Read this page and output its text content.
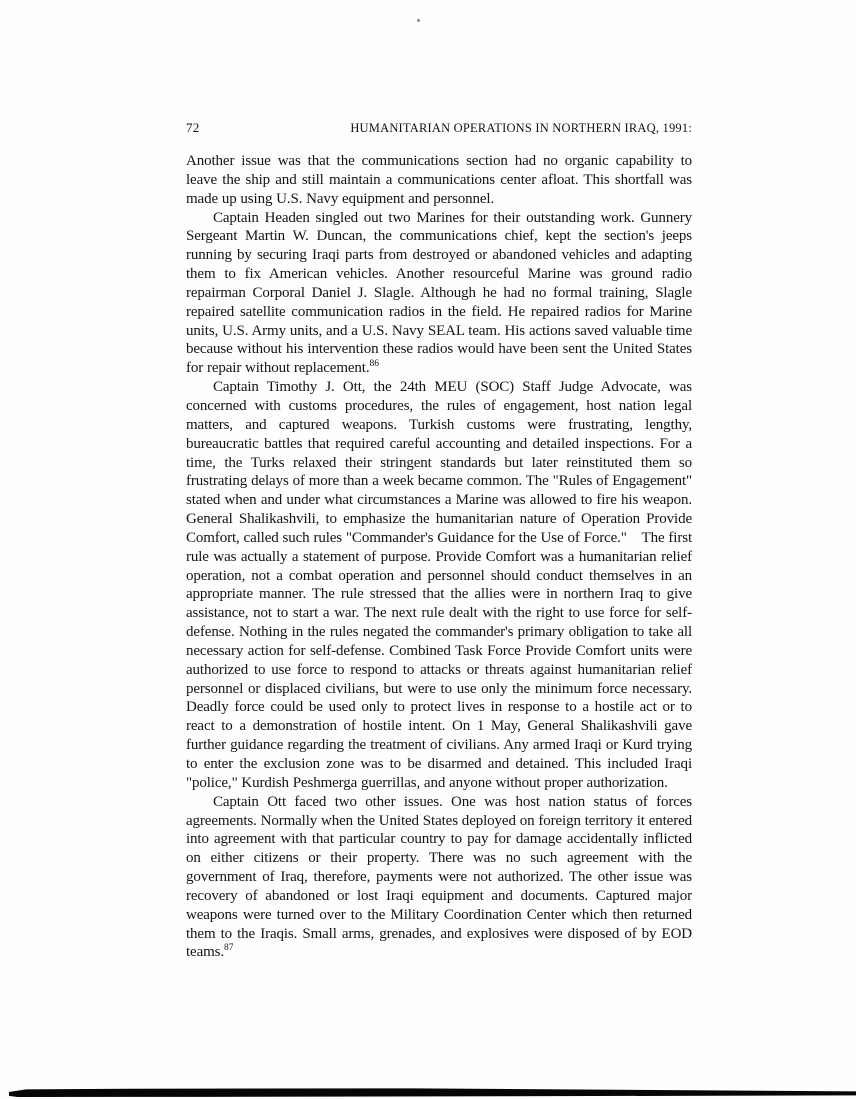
72	HUMANITARIAN OPERATIONS IN NORTHERN IRAQ, 1991:

Another issue was that the communications section had no organic capability to leave the ship and still maintain a communications center afloat. This shortfall was made up using U.S. Navy equipment and personnel.

Captain Headen singled out two Marines for their outstanding work. Gunnery Sergeant Martin W. Duncan, the communications chief, kept the section's jeeps running by securing Iraqi parts from destroyed or abandoned vehicles and adapting them to fix American vehicles. Another resourceful Marine was ground radio repairman Corporal Daniel J. Slagle. Although he had no formal training, Slagle repaired satellite communication radios in the field. He repaired radios for Marine units, U.S. Army units, and a U.S. Navy SEAL team. His actions saved valuable time because without his intervention these radios would have been sent the United States for repair without replacement.$^{86}$

Captain Timothy J. Ott, the 24th MEU (SOC) Staff Judge Advocate, was concerned with customs procedures, the rules of engagement, host nation legal matters, and captured weapons. Turkish customs were frustrating, lengthy, bureaucratic battles that required careful accounting and detailed inspections. For a time, the Turks relaxed their stringent standards but later reinstituted them so frustrating delays of more than a week became common. The "Rules of Engagement" stated when and under what circumstances a Marine was allowed to fire his weapon. General Shalikashvili, to emphasize the humanitarian nature of Operation Provide Comfort, called such rules "Commander's Guidance for the Use of Force."  The first rule was actually a statement of purpose. Provide Comfort was a humanitarian relief operation, not a combat operation and personnel should conduct themselves in an appropriate manner. The rule stressed that the allies were in northern Iraq to give assistance, not to start a war. The next rule dealt with the right to use force for self-defense. Nothing in the rules negated the commander's primary obligation to take all necessary action for self-defense. Combined Task Force Provide Comfort units were authorized to use force to respond to attacks or threats against humanitarian relief personnel or displaced civilians, but were to use only the minimum force necessary. Deadly force could be used only to protect lives in response to a hostile act or to react to a demonstration of hostile intent. On 1 May, General Shalikashvili gave further guidance regarding the treatment of civilians. Any armed Iraqi or Kurd trying to enter the exclusion zone was to be disarmed and detained. This included Iraqi "police," Kurdish Peshmerga guerrillas, and anyone without proper authorization.

Captain Ott faced two other issues. One was host nation status of forces agreements. Normally when the United States deployed on foreign territory it entered into agreement with that particular country to pay for damage accidentally inflicted on either citizens or their property. There was no such agreement with the government of Iraq, therefore, payments were not authorized. The other issue was recovery of abandoned or lost Iraqi equipment and documents. Captured major weapons were turned over to the Military Coordination Center which then returned them to the Iraqis. Small arms, grenades, and explosives were disposed of by EOD teams.$^{87}$
